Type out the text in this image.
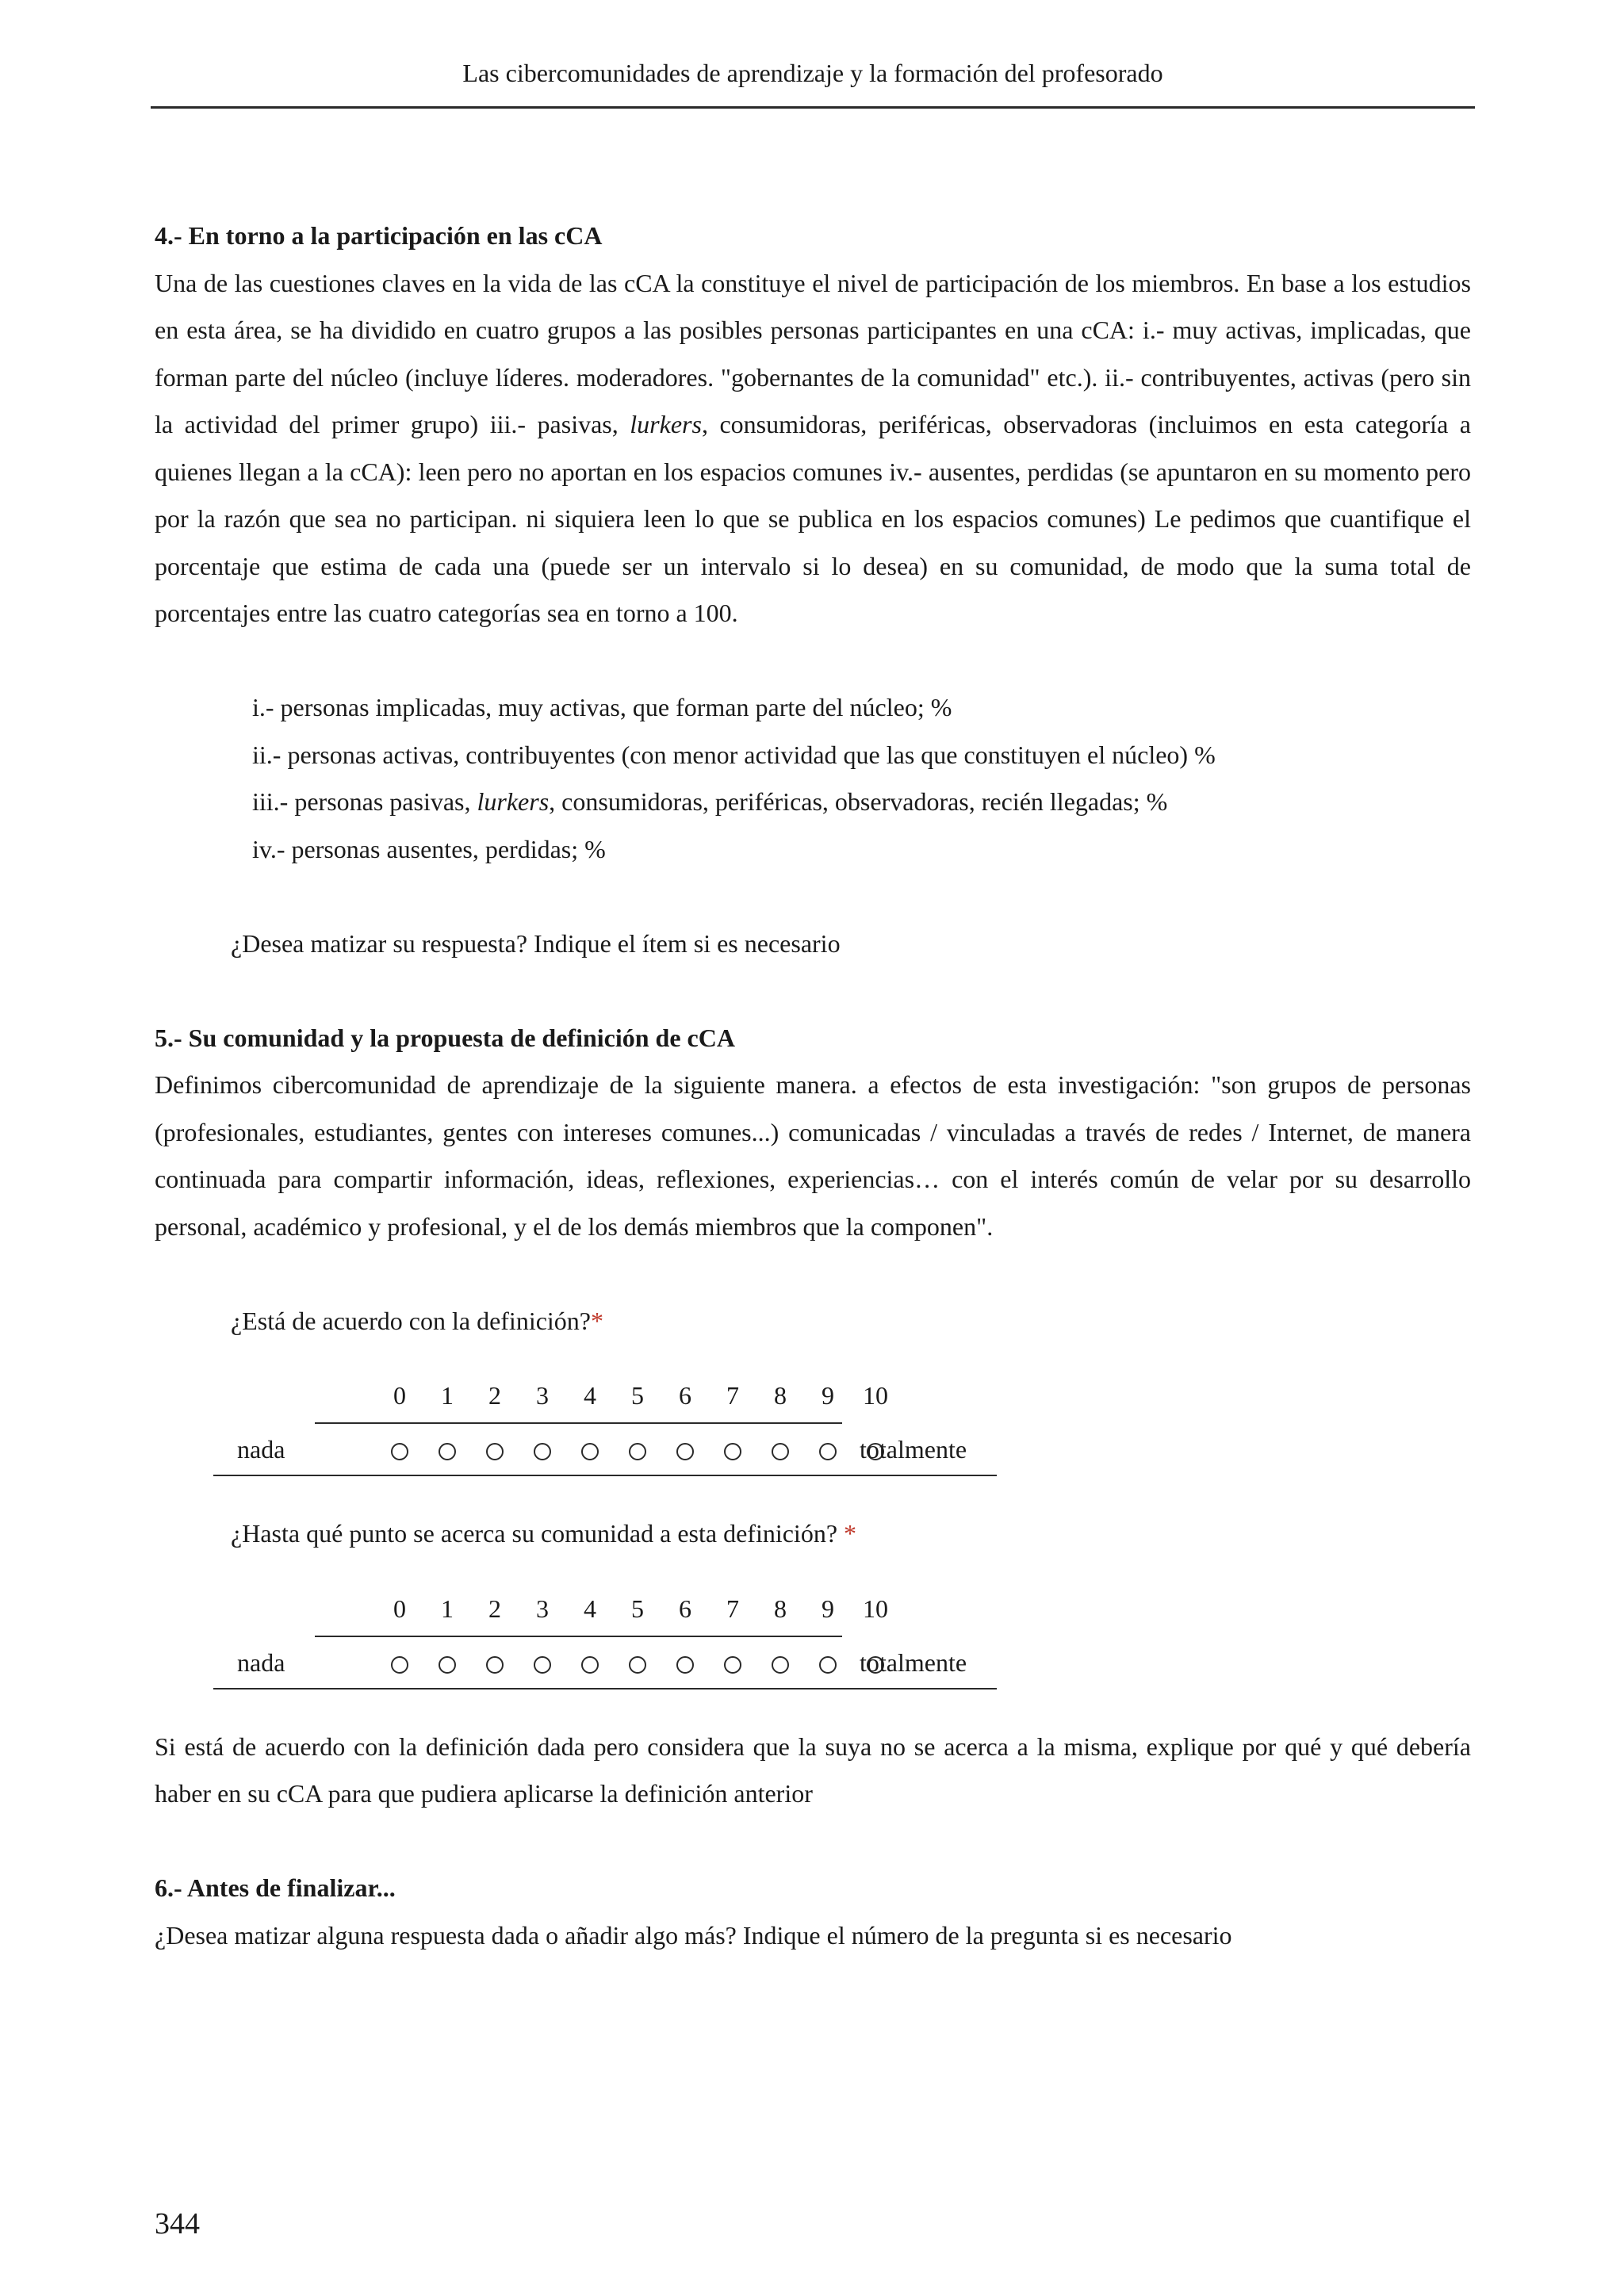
Las cibercomunidades de aprendizaje y la formación del profesorado

4.- En torno a la participación en las cCA

Una de las cuestiones claves en la vida de las cCA la constituye el nivel de participación de los miembros. En base a los estudios en esta área, se ha dividido en cuatro grupos a las posibles personas participantes en una cCA: i.- muy activas, implicadas, que forman parte del núcleo (incluye líderes. moderadores. "gobernantes de la comunidad" etc.). ii.- contribuyentes, activas (pero sin la actividad del primer grupo) iii.- pasivas, lurkers, consumidoras, periféricas, observadoras (incluimos en esta categoría a quienes llegan a la cCA): leen pero no aportan en los espacios comunes iv.- ausentes, perdidas (se apuntaron en su momento pero por la razón que sea no participan. ni siquiera leen lo que se publica en los espacios comunes) Le pedimos que cuantifique el porcentaje que estima de cada una (puede ser un intervalo si lo desea) en su comunidad, de modo que la suma total de porcentajes entre las cuatro categorías sea en torno a 100.

i.- personas implicadas, muy activas, que forman parte del núcleo; %

ii.- personas activas, contribuyentes (con menor actividad que las que constituyen el núcleo) %

iii.- personas pasivas, lurkers, consumidoras, periféricas, observadoras, recién llegadas; %

iv.- personas ausentes, perdidas; %

¿Desea matizar su respuesta? Indique el ítem si es necesario

5.- Su comunidad y la propuesta de definición de cCA

Definimos cibercomunidad de aprendizaje de la siguiente manera. a efectos de esta investigación: "son grupos de personas (profesionales, estudiantes, gentes con intereses comunes...) comunicadas / vinculadas a través de redes / Internet, de manera continuada para compartir información, ideas, reflexiones, experiencias… con el interés común de velar por su desarrollo personal, académico y profesional, y el de los demás miembros que la componen".

¿Está de acuerdo con la definición?*

0	1	2	3	4	5	6	7	8	9	10
nada	totalmente

¿Hasta qué punto se acerca su comunidad a esta definición? *

0	1	2	3	4	5	6	7	8	9	10
nada	totalmente

Si está de acuerdo con la definición dada pero considera que la suya no se acerca a la misma, explique por qué y qué debería haber en su cCA para que pudiera aplicarse la definición anterior

6.- Antes de finalizar...

¿Desea matizar alguna respuesta dada o añadir algo más? Indique el número de la pregunta si es necesario

344
